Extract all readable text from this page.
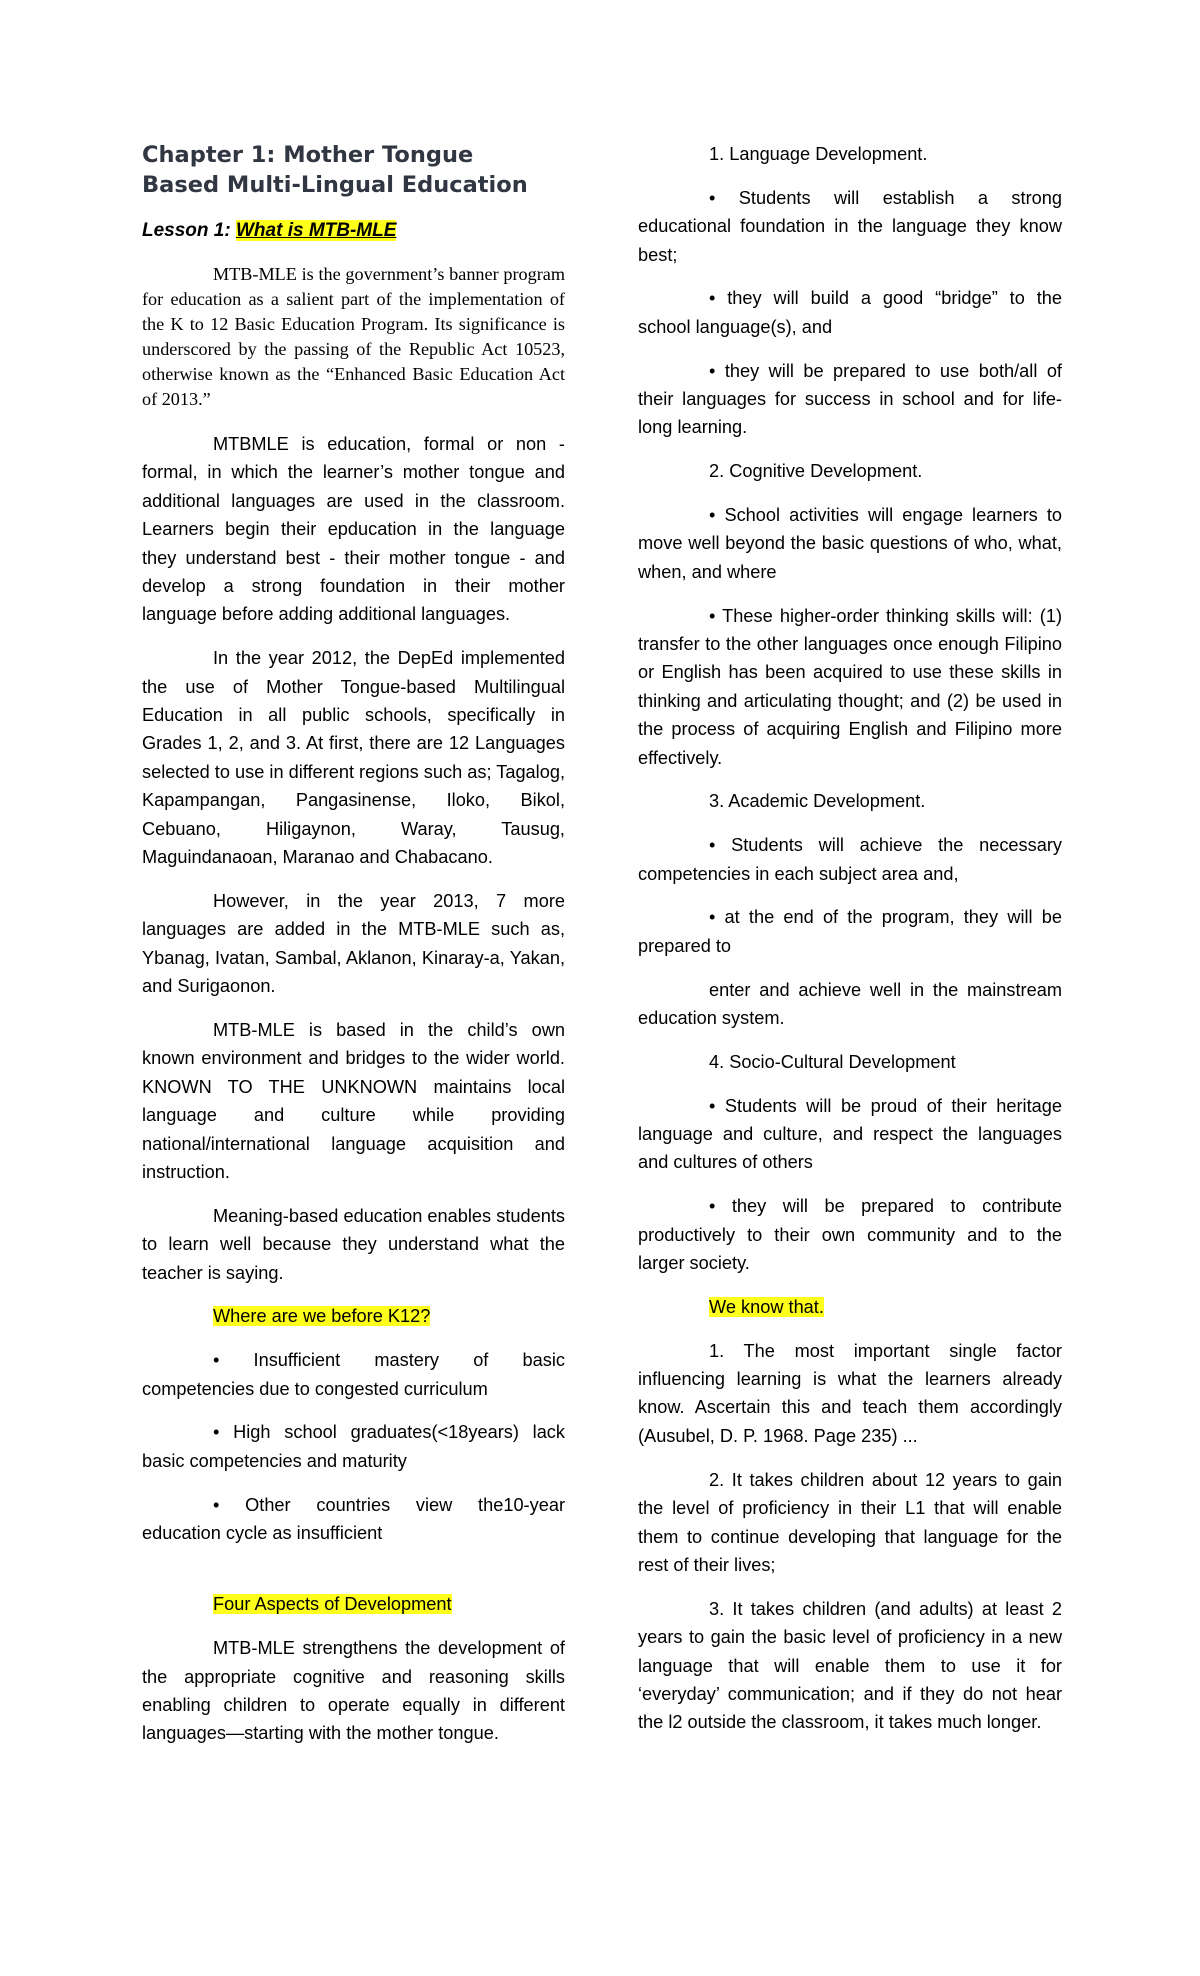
Chapter 1: Mother Tongue
Based Multi-Lingual Education

Lesson 1: What is MTB-MLE

MTB-MLE is the government’s banner program for education as a salient part of the implementation of the K to 12 Basic Education Program. Its significance is underscored by the passing of the Republic Act 10523, otherwise known as the “Enhanced Basic Education Act of 2013.”

MTBMLE is education, formal or non - formal, in which the learner’s mother tongue and additional languages are used in the classroom. Learners begin their epducation in the language they understand best - their mother tongue - and develop a strong foundation in their mother language before adding additional languages.

In the year 2012, the DepEd implemented the use of Mother Tongue-based Multilingual Education in all public schools, specifically in Grades 1, 2, and 3. At first, there are 12 Languages selected to use in different regions such as; Tagalog, Kapampangan, Pangasinense, Iloko, Bikol, Cebuano, Hiligaynon, Waray, Tausug, Maguindanaoan, Maranao and Chabacano.

However, in the year 2013, 7 more languages are added in the MTB-MLE such as, Ybanag, Ivatan, Sambal, Aklanon, Kinaray-a, Yakan, and Surigaonon.

MTB-MLE is based in the child’s own known environment and bridges to the wider world. KNOWN TO THE UNKNOWN maintains local language and culture while providing national/international language acquisition and instruction.

Meaning-based education enables students to learn well because they understand what the teacher is saying.

Where are we before K12?

• Insufficient mastery of basic competencies due to congested curriculum

• High school graduates(<18years) lack basic competencies and maturity

• Other countries view the10-year education cycle as insufficient

Four Aspects of Development

MTB-MLE strengthens the development of the appropriate cognitive and reasoning skills enabling children to operate equally in different languages—starting with the mother tongue.

1. Language Development.

• Students will establish a strong educational foundation in the language they know best;

• they will build a good “bridge” to the school language(s), and

• they will be prepared to use both/all of their languages for success in school and for life-long learning.

2. Cognitive Development.

• School activities will engage learners to move well beyond the basic questions of who, what, when, and where

• These higher-order thinking skills will: (1) transfer to the other languages once enough Filipino or English has been acquired to use these skills in thinking and articulating thought; and (2) be used in the process of acquiring English and Filipino more effectively.

3. Academic Development.

• Students will achieve the necessary competencies in each subject area and,

• at the end of the program, they will be prepared to

enter and achieve well in the mainstream education system.

4. Socio-Cultural Development

• Students will be proud of their heritage language and culture, and respect the languages and cultures of others

• they will be prepared to contribute productively to their own community and to the larger society.

We know that.

1. The most important single factor influencing learning is what the learners already know. Ascertain this and teach them accordingly (Ausubel, D. P. 1968. Page 235) ...

2. It takes children about 12 years to gain the level of proficiency in their L1 that will enable them to continue developing that language for the rest of their lives;

3. It takes children (and adults) at least 2 years to gain the basic level of proficiency in a new language that will enable them to use it for ‘everyday’ communication; and if they do not hear the l2 outside the classroom, it takes much longer.
